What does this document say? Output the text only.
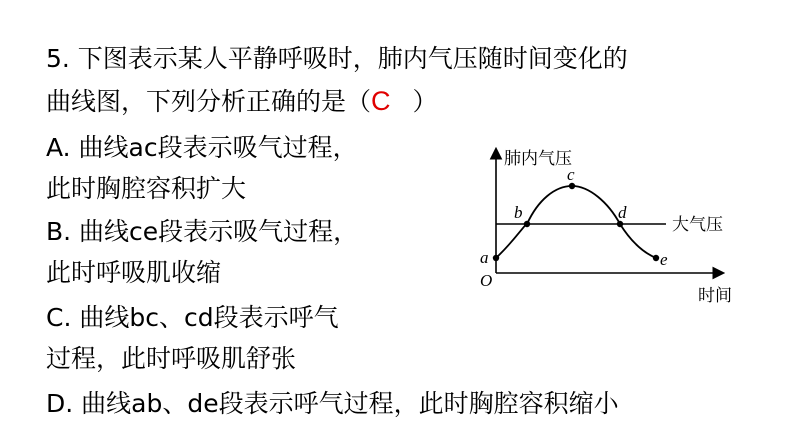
5. 下图表示某人平静呼吸时，肺内气压随时间变化的

曲线图，下列分析正确的是（C ）

A. 曲线ac段表示吸气过程，

此时胸腔容积扩大

B. 曲线ce段表示吸气过程，

此时呼吸肌收缩

C. 曲线bc、cd段表示呼气

过程，此时呼吸肌舒张

D. 曲线ab、de段表示呼气过程，此时胸腔容积缩小

肺内气压
时间
大气压
O
a
b
c
d
e
